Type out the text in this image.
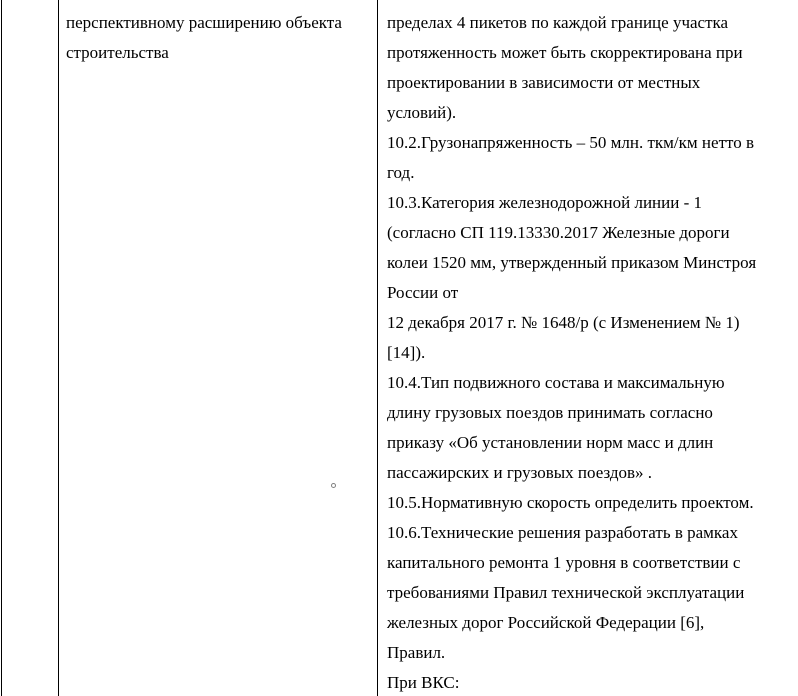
перспективному расширению объекта
строительства
пределах 4 пикетов по каждой границе участка
протяженность может быть скорректирована при
проектировании в зависимости от местных
условий).
10.2.Грузонапряженность – 50 млн. ткм/км нетто в
год.
10.3.Категория железнодорожной линии - 1
(согласно СП 119.13330.2017 Железные дороги
колеи 1520 мм, утвержденный приказом Минстроя
России от
12 декабря 2017 г. № 1648/р (с Изменением № 1)
[14]).
10.4.Тип подвижного состава и максимальную
длину грузовых поездов принимать согласно
приказу «Об установлении норм масс и длин
пассажирских и грузовых поездов» .
10.5.Нормативную скорость определить проектом.
10.6.Технические решения разработать в рамках
капитального ремонта 1 уровня в соответствии с
требованиями Правил технической эксплуатации
железных дорог Российской Федерации [6],
Правил.
При ВКС:
